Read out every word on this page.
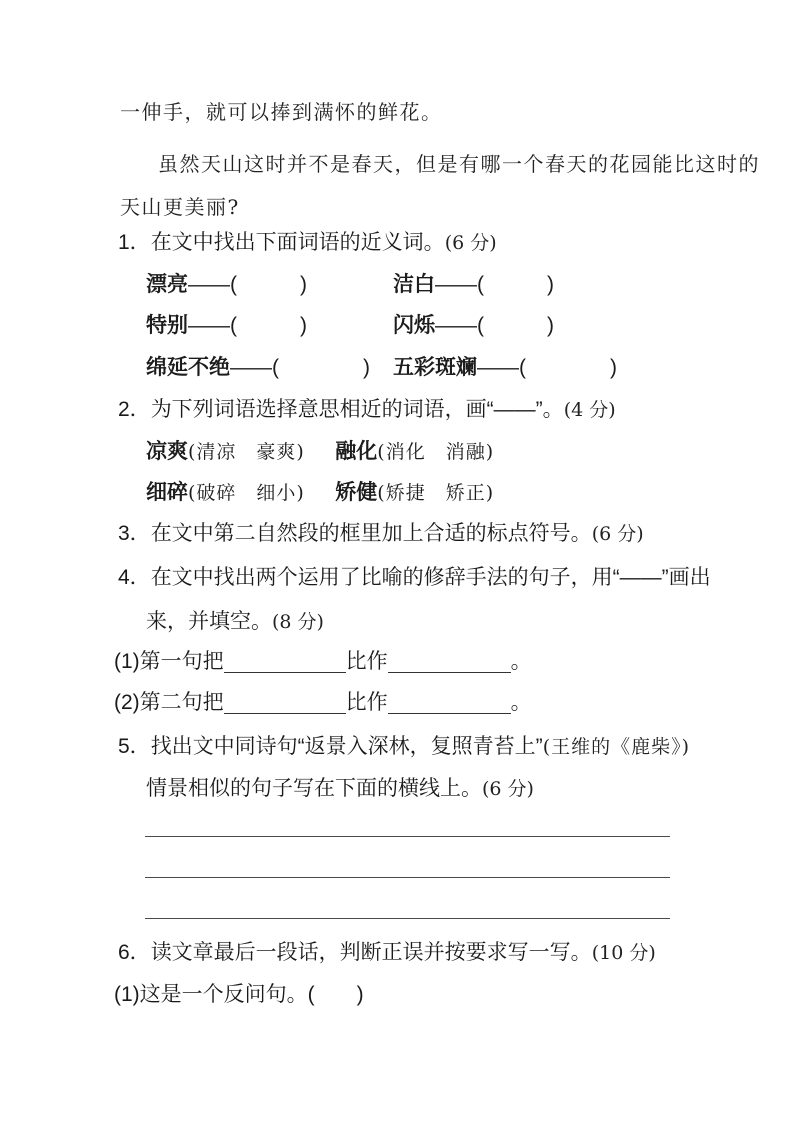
一伸手，就可以捧到满怀的鲜花。
虽然天山这时并不是春天，但是有哪一个春天的花园能比这时的
天山更美丽?
1．在文中找出下面词语的近义词。(6 分)
漂亮——(　　　)	洁白——(　　　)
特别——(　　　)	闪烁——(　　　)
绵延不绝——(　　　　) 五彩斑斓——(　　　　)
2．为下列词语选择意思相近的词语，画“——”。(4 分)
凉爽(清凉　豪爽) 融化(消化　消融)
细碎(破碎　细小) 矫健(矫捷　矫正)
3．在文中第二自然段的框里加上合适的标点符号。(6 分)
4．在文中找出两个运用了比喻的修辞手法的句子，用“——”画出
来，并填空。(8 分)
(1)第一句把	比作	。
(2)第二句把	比作	。
5．找出文中同诗句“返景入深林，复照青苔上”(王维的《鹿柴》)
情景相似的句子写在下面的横线上。(6 分)
6．读文章最后一段话，判断正误并按要求写一写。(10 分)
(1)这是一个反问句。(　　)
